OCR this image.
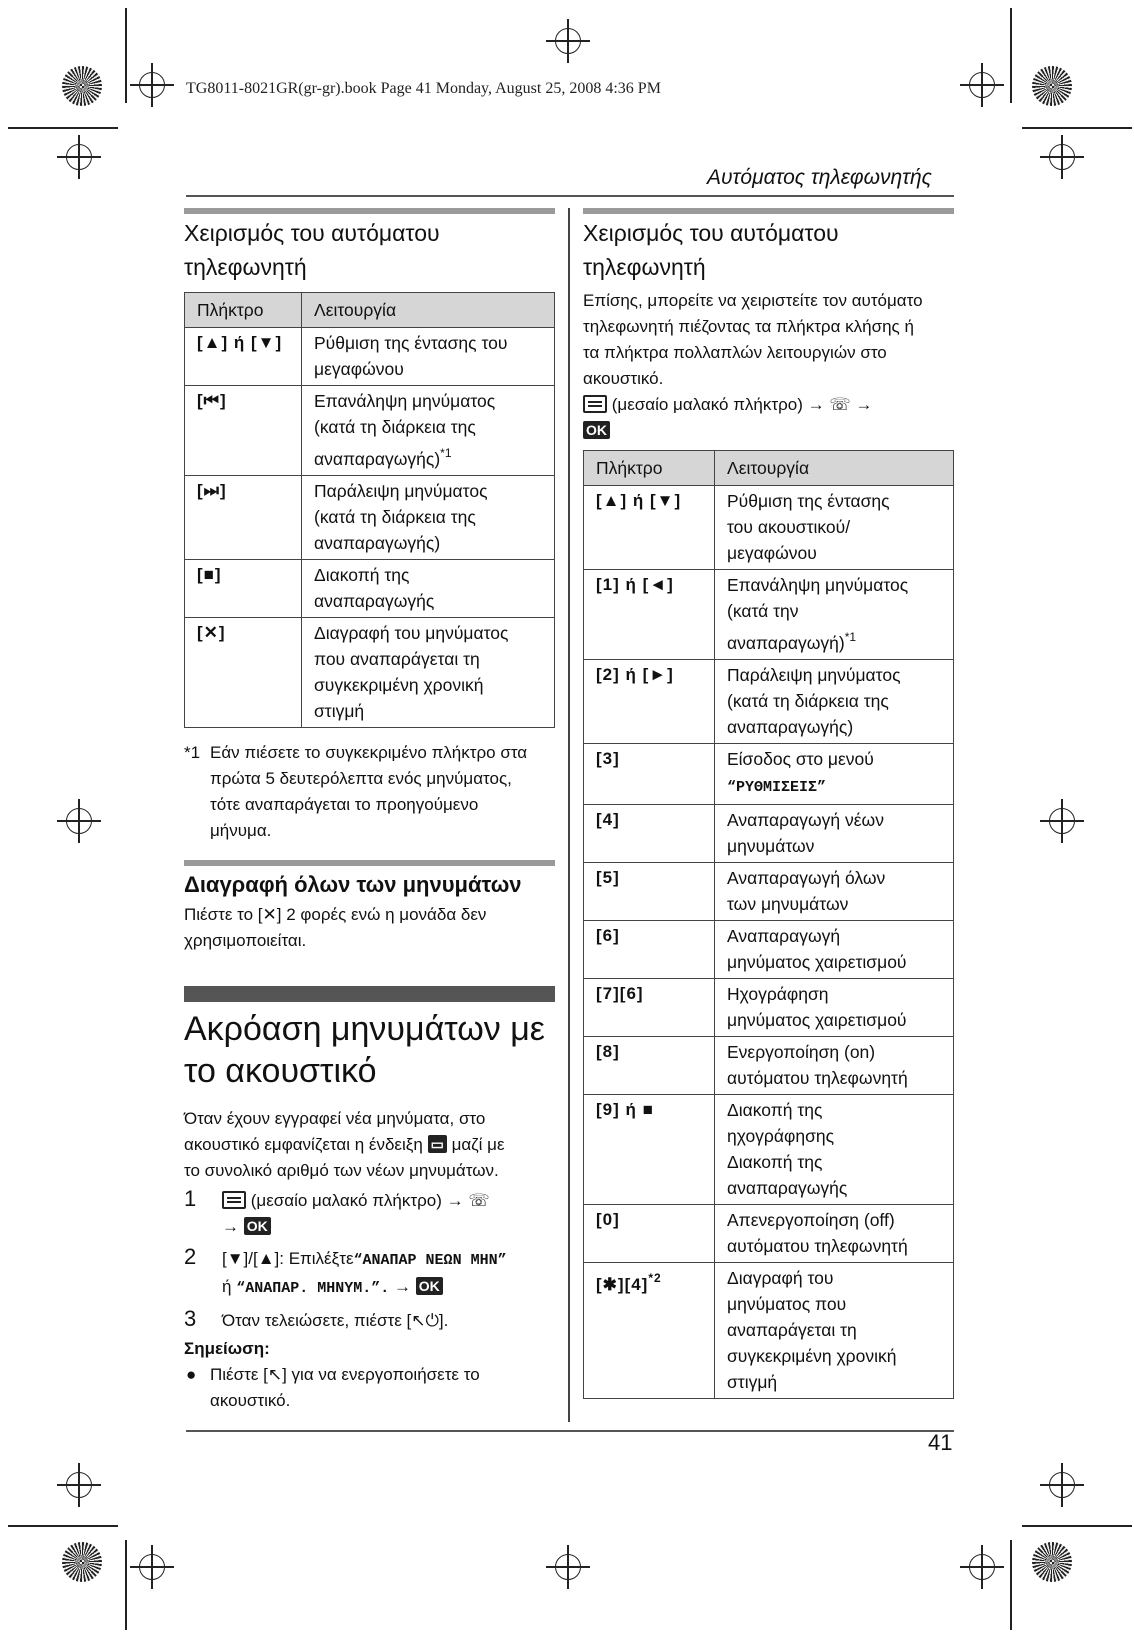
TG8011-8021GR(gr-gr).book Page 41 Monday, August 25, 2008 4:36 PM
Αυτόματος τηλεφωνητής
Χειρισμός του αυτόματου
τηλεφωνητή
Πλήκτρο	Λειτουργία
[▲] ή [▼]	Ρύθμιση της έντασης του
μεγαφώνου
[⏮]	Επανάληψη μηνύματος
(κατά τη διάρκεια της
αναπαραγωγής)$^{*1}$
[⏭]	Παράλειψη μηνύματος
(κατά τη διάρκεια της
αναπαραγωγής)
[■]	Διακοπή της
αναπαραγωγής
[✕]	Διαγραφή του μηνύματος
που αναπαράγεται τη
συγκεκριμένη χρονική
στιγμή
*1 Εάν πιέσετε το συγκεκριμένο πλήκτρο στα
πρώτα 5 δευτερόλεπτα ενός μηνύματος,
τότε αναπαράγεται το προηγούμενο
μήνυμα.
Διαγραφή όλων των μηνυμάτων

Πιέστε το [✕] 2 φορές ενώ η μονάδα δεν

χρησιμοποιείται.

Ακρόαση μηνυμάτων με
το ακουστικό

Όταν έχουν εγγραφεί νέα μηνύματα, στο

ακουστικό εμφανίζεται η ένδειξη ▭ μαζί με

το συνολικό αριθμό των νέων μηνυμάτων.

1	(μεσαίο μαλακό πλήκτρο) → ☏
→ OK
2 [▼]/[▲]: Επιλέξτε“ΑΝΑΠΑΡ ΝΕΩΝ ΜΗΝ”
ή “ΑΝΑΠΑΡ. ΜΗΝΥΜ.”. → OK
3 Όταν τελειώσετε, πιέστε [↖⏻].

Σημείωση:

● Πιέστε [↖] για να ενεργοποιήσετε το
ακουστικό.
Χειρισμός του αυτόματου
τηλεφωνητή
Επίσης, μπορείτε να χειριστείτε τον αυτόματο
τηλεφωνητή πιέζοντας τα πλήκτρα κλήσης ή
τα πλήκτρα πολλαπλών λειτουργιών στο
ακουστικό.
(μεσαίο μαλακό πλήκτρο) → ☏ →
OK
Πλήκτρο	Λειτουργία
[▲] ή [▼]	Ρύθμιση της έντασης
του ακουστικού/
μεγαφώνου
[1] ή [◄]	Επανάληψη μηνύματος
(κατά την
αναπαραγωγή)$^{*1}$
[2] ή [►]	Παράλειψη μηνύματος
(κατά τη διάρκεια της
αναπαραγωγής)
[3]	Είσοδος στο μενού
“ΡΥΘΜΙΣΕΙΣ”
[4]	Αναπαραγωγή νέων
μηνυμάτων
[5]	Αναπαραγωγή όλων
των μηνυμάτων
[6]	Αναπαραγωγή
μηνύματος χαιρετισμού
[7][6]	Ηχογράφηση
μηνύματος χαιρετισμού
[8]	Ενεργοποίηση (on)
αυτόματου τηλεφωνητή
[9] ή ■	Διακοπή της
ηχογράφησης
Διακοπή της
αναπαραγωγής
[0]	Απενεργοποίηση (off)
αυτόματου τηλεφωνητή
$[✱][4]^{*2}$	Διαγραφή του
μηνύματος που
αναπαράγεται τη
συγκεκριμένη χρονική
στιγμή
41
